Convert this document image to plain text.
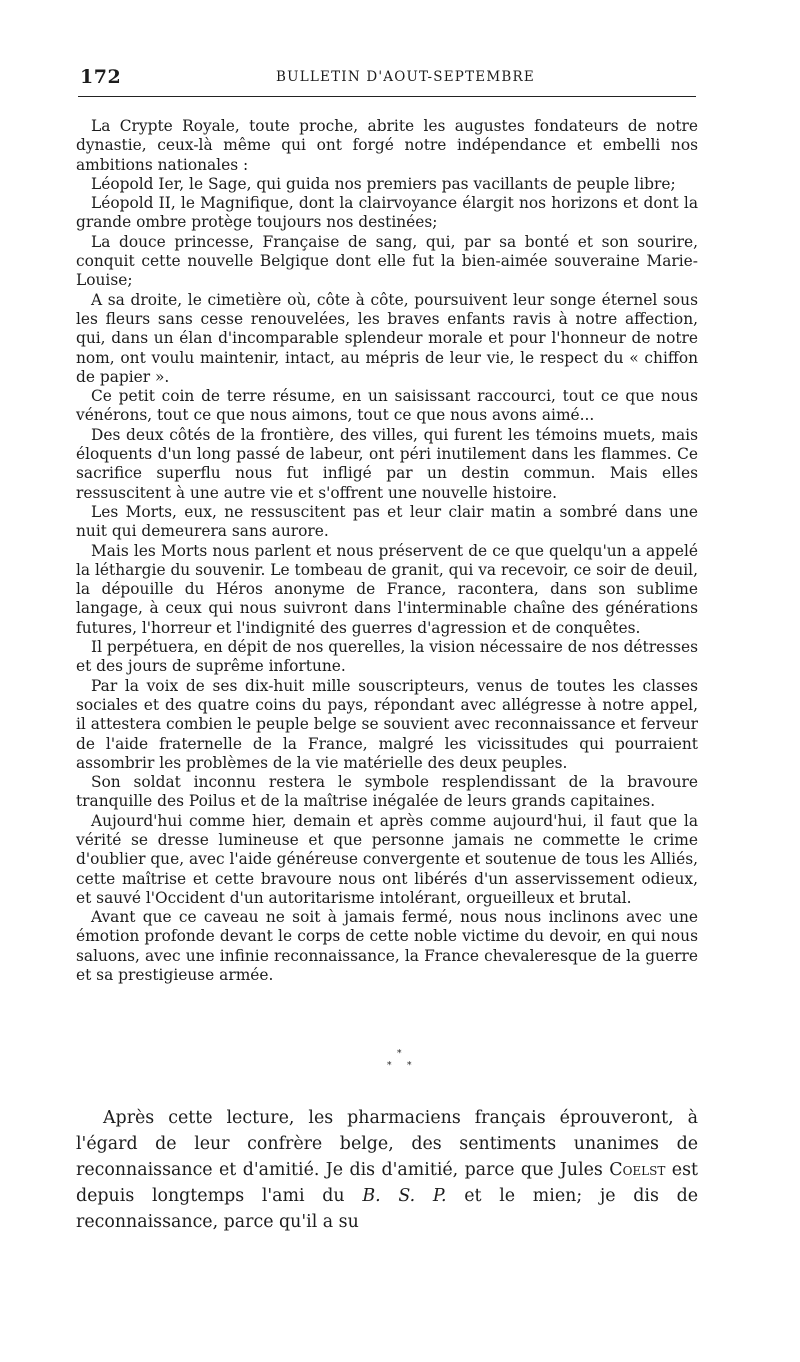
172	BULLETIN D'AOUT-SEPTEMBRE

La Crypte Royale, toute proche, abrite les augustes fondateurs de notre dynastie, ceux-là même qui ont forgé notre indépendance et embelli nos ambitions nationales :

Léopold Ier, le Sage, qui guida nos premiers pas vacillants de peuple libre;

Léopold II, le Magnifique, dont la clairvoyance élargit nos horizons et dont la grande ombre protège toujours nos destinées;

La douce princesse, Française de sang, qui, par sa bonté et son sourire, conquit cette nouvelle Belgique dont elle fut la bien-aimée souveraine Marie-Louise;

A sa droite, le cimetière où, côte à côte, poursuivent leur songe éternel sous les fleurs sans cesse renouvelées, les braves enfants ravis à notre affection, qui, dans un élan d'incomparable splendeur morale et pour l'honneur de notre nom, ont voulu maintenir, intact, au mépris de leur vie, le respect du « chiffon de papier ».

Ce petit coin de terre résume, en un saisissant raccourci, tout ce que nous vénérons, tout ce que nous aimons, tout ce que nous avons aimé...

Des deux côtés de la frontière, des villes, qui furent les témoins muets, mais éloquents d'un long passé de labeur, ont péri inutilement dans les flammes. Ce sacrifice superflu nous fut infligé par un destin commun. Mais elles ressuscitent à une autre vie et s'offrent une nouvelle histoire.

Les Morts, eux, ne ressuscitent pas et leur clair matin a sombré dans une nuit qui demeurera sans aurore.

Mais les Morts nous parlent et nous préservent de ce que quelqu'un a appelé la léthargie du souvenir. Le tombeau de granit, qui va recevoir, ce soir de deuil, la dépouille du Héros anonyme de France, racontera, dans son sublime langage, à ceux qui nous suivront dans l'interminable chaîne des générations futures, l'horreur et l'indignité des guerres d'agression et de conquêtes.

Il perpétuera, en dépit de nos querelles, la vision nécessaire de nos détresses et des jours de suprême infortune.

Par la voix de ses dix-huit mille souscripteurs, venus de toutes les classes sociales et des quatre coins du pays, répondant avec allégresse à notre appel, il attestera combien le peuple belge se souvient avec reconnaissance et ferveur de l'aide fraternelle de la France, malgré les vicissitudes qui pourraient assombrir les problèmes de la vie matérielle des deux peuples.

Son soldat inconnu restera le symbole resplendissant de la bravoure tranquille des Poilus et de la maîtrise inégalée de leurs grands capitaines.

Aujourd'hui comme hier, demain et après comme aujourd'hui, il faut que la vérité se dresse lumineuse et que personne jamais ne commette le crime d'oublier que, avec l'aide généreuse convergente et soutenue de tous les Alliés, cette maîtrise et cette bravoure nous ont libérés d'un asservissement odieux, et sauvé l'Occident d'un autoritarisme intolérant, orgueilleux et brutal.

Avant que ce caveau ne soit à jamais fermé, nous nous inclinons avec une émotion profonde devant le corps de cette noble victime du devoir, en qui nous saluons, avec une infinie reconnaissance, la France chevaleresque de la guerre et sa prestigieuse armée.

*
* *

Après cette lecture, les pharmaciens français éprouveront, à l'égard de leur confrère belge, des sentiments unanimes de reconnaissance et d'amitié. Je dis d'amitié, parce que Jules Coelst est depuis longtemps l'ami du B. S. P. et le mien; je dis de reconnaissance, parce qu'il a su
